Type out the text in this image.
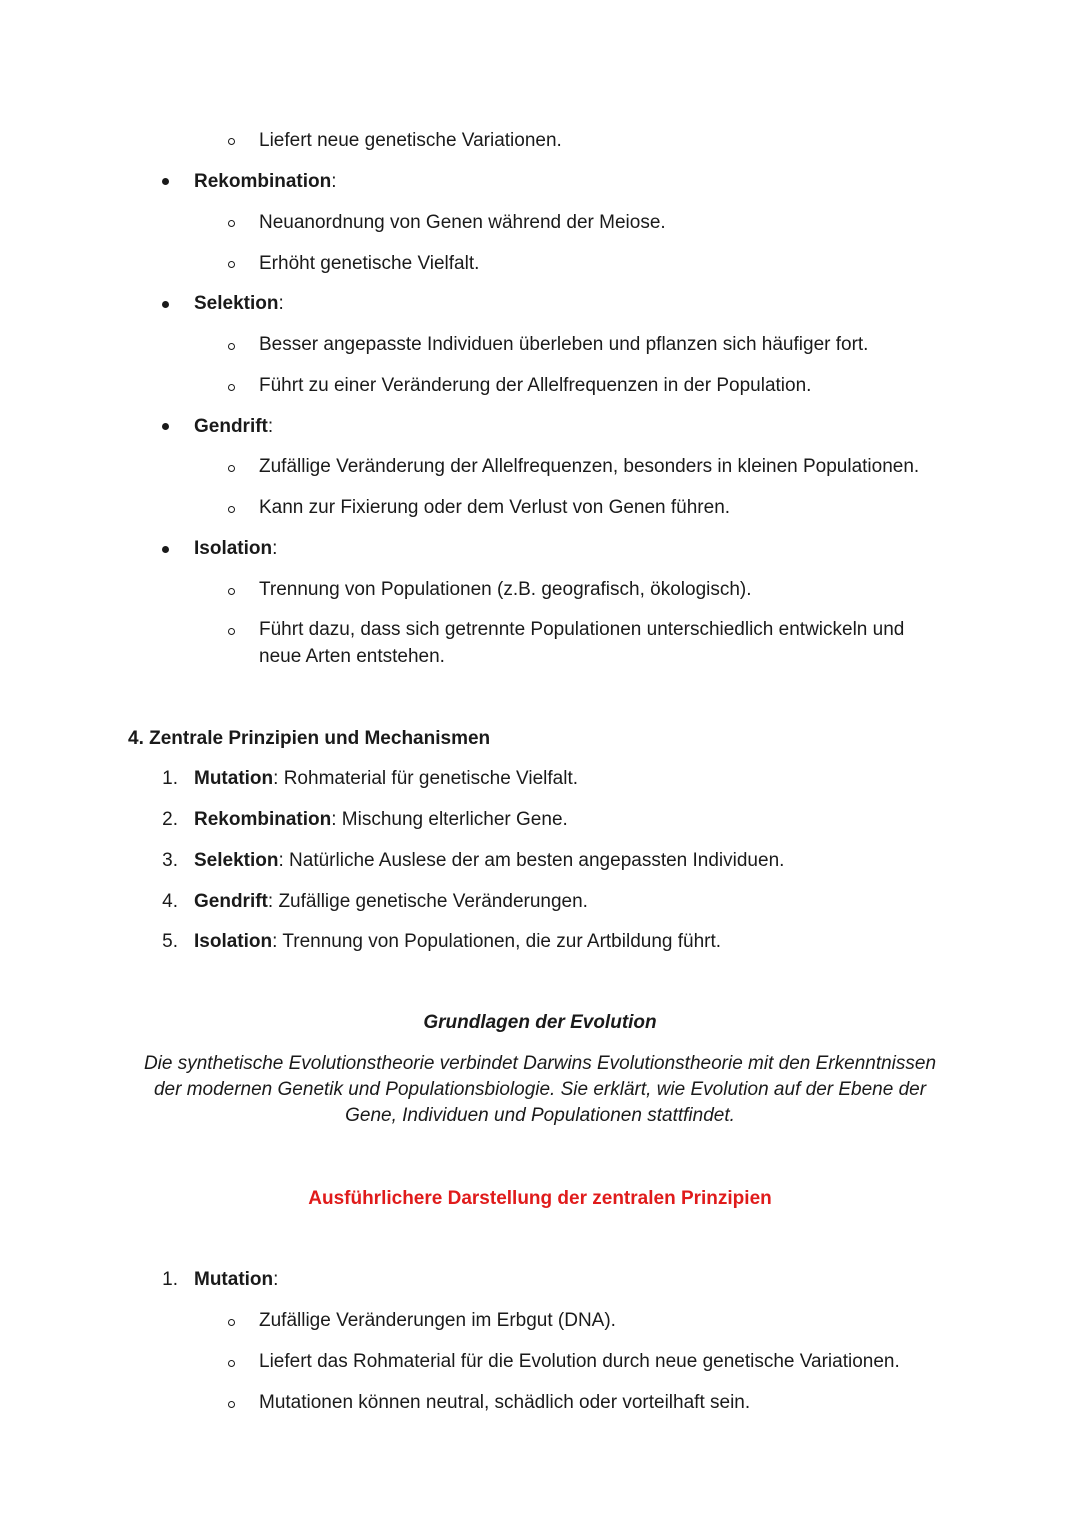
Liefert neue genetische Variationen.
Rekombination:
Neuanordnung von Genen während der Meiose.
Erhöht genetische Vielfalt.
Selektion:
Besser angepasste Individuen überleben und pflanzen sich häufiger fort.
Führt zu einer Veränderung der Allelfrequenzen in der Population.
Gendrift:
Zufällige Veränderung der Allelfrequenzen, besonders in kleinen Populationen.
Kann zur Fixierung oder dem Verlust von Genen führen.
Isolation:
Trennung von Populationen (z.B. geografisch, ökologisch).
Führt dazu, dass sich getrennte Populationen unterschiedlich entwickeln und
neue Arten entstehen.
4. Zentrale Prinzipien und Mechanismen
1. Mutation: Rohmaterial für genetische Vielfalt.
2. Rekombination: Mischung elterlicher Gene.
3. Selektion: Natürliche Auslese der am besten angepassten Individuen.
4. Gendrift: Zufällige genetische Veränderungen.
5. Isolation: Trennung von Populationen, die zur Artbildung führt.
Grundlagen der Evolution
Die synthetische Evolutionstheorie verbindet Darwins Evolutionstheorie mit den Erkenntnissen
der modernen Genetik und Populationsbiologie. Sie erklärt, wie Evolution auf der Ebene der
Gene, Individuen und Populationen stattfindet.
Ausführlichere Darstellung der zentralen Prinzipien
1. Mutation:
Zufällige Veränderungen im Erbgut (DNA).
Liefert das Rohmaterial für die Evolution durch neue genetische Variationen.
Mutationen können neutral, schädlich oder vorteilhaft sein.
